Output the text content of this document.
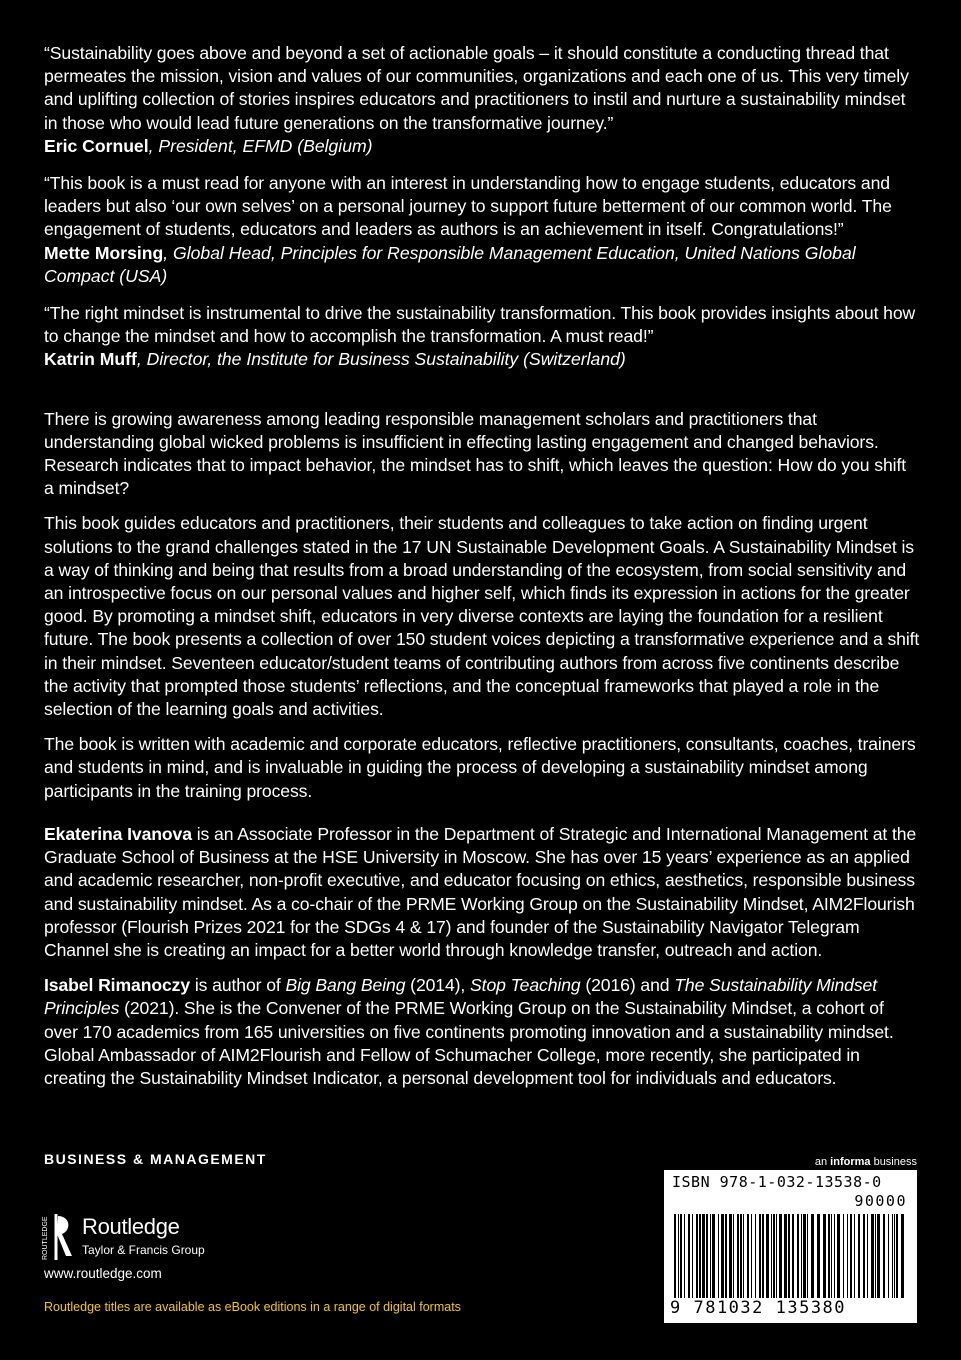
“Sustainability goes above and beyond a set of actionable goals – it should constitute a conducting thread that permeates the mission, vision and values of our communities, organizations and each one of us. This very timely and uplifting collection of stories inspires educators and practitioners to instil and nurture a sustainability mindset in those who would lead future generations on the transformative journey.”

Eric Cornuel, President, EFMD (Belgium)

“This book is a must read for anyone with an interest in understanding how to engage students, educators and leaders but also ‘our own selves’ on a personal journey to support future betterment of our common world. The engagement of students, educators and leaders as authors is an achievement in itself. Congratulations!”

Mette Morsing, Global Head, Principles for Responsible Management Education, United Nations Global Compact (USA)

“The right mindset is instrumental to drive the sustainability transformation. This book provides insights about how to change the mindset and how to accomplish the transformation. A must read!”

Katrin Muff, Director, the Institute for Business Sustainability (Switzerland)

There is growing awareness among leading responsible management scholars and practitioners that understanding global wicked problems is insufficient in effecting lasting engagement and changed behaviors. Research indicates that to impact behavior, the mindset has to shift, which leaves the question: How do you shift a mindset?

This book guides educators and practitioners, their students and colleagues to take action on finding urgent solutions to the grand challenges stated in the 17 UN Sustainable Development Goals. A Sustainability Mindset is a way of thinking and being that results from a broad understanding of the ecosystem, from social sensitivity and an introspective focus on our personal values and higher self, which finds its expression in actions for the greater good. By promoting a mindset shift, educators in very diverse contexts are laying the foundation for a resilient future. The book presents a collection of over 150 student voices depicting a transformative experience and a shift in their mindset. Seventeen educator/student teams of contributing authors from across five continents describe the activity that prompted those students’ reflections, and the conceptual frameworks that played a role in the selection of the learning goals and activities.

The book is written with academic and corporate educators, reflective practitioners, consultants, coaches, trainers and students in mind, and is invaluable in guiding the process of developing a sustainability mindset among participants in the training process.

Ekaterina Ivanova is an Associate Professor in the Department of Strategic and International Management at the Graduate School of Business at the HSE University in Moscow. She has over 15 years’ experience as an applied and academic researcher, non-profit executive, and educator focusing on ethics, aesthetics, responsible business and sustainability mindset. As a co-chair of the PRME Working Group on the Sustainability Mindset, AIM2Flourish professor (Flourish Prizes 2021 for the SDGs 4 & 17) and founder of the Sustainability Navigator Telegram Channel she is creating an impact for a better world through knowledge transfer, outreach and action.

Isabel Rimanoczy is author of Big Bang Being (2014), Stop Teaching (2016) and The Sustainability Mindset Principles (2021). She is the Convener of the PRME Working Group on the Sustainability Mindset, a cohort of over 170 academics from 165 universities on five continents promoting innovation and a sustainability mindset. Global Ambassador of AIM2Flourish and Fellow of Schumacher College, more recently, she participated in creating the Sustainability Mindset Indicator, a personal development tool for individuals and educators.

BUSINESS & MANAGEMENT
ROUTLEDGE Routledge
Taylor & Francis Group
www.routledge.com
Routledge titles are available as eBook editions in a range of digital formats
an informa business
ISBN 978-1-032-13538-0
90000
9 781032 135380
